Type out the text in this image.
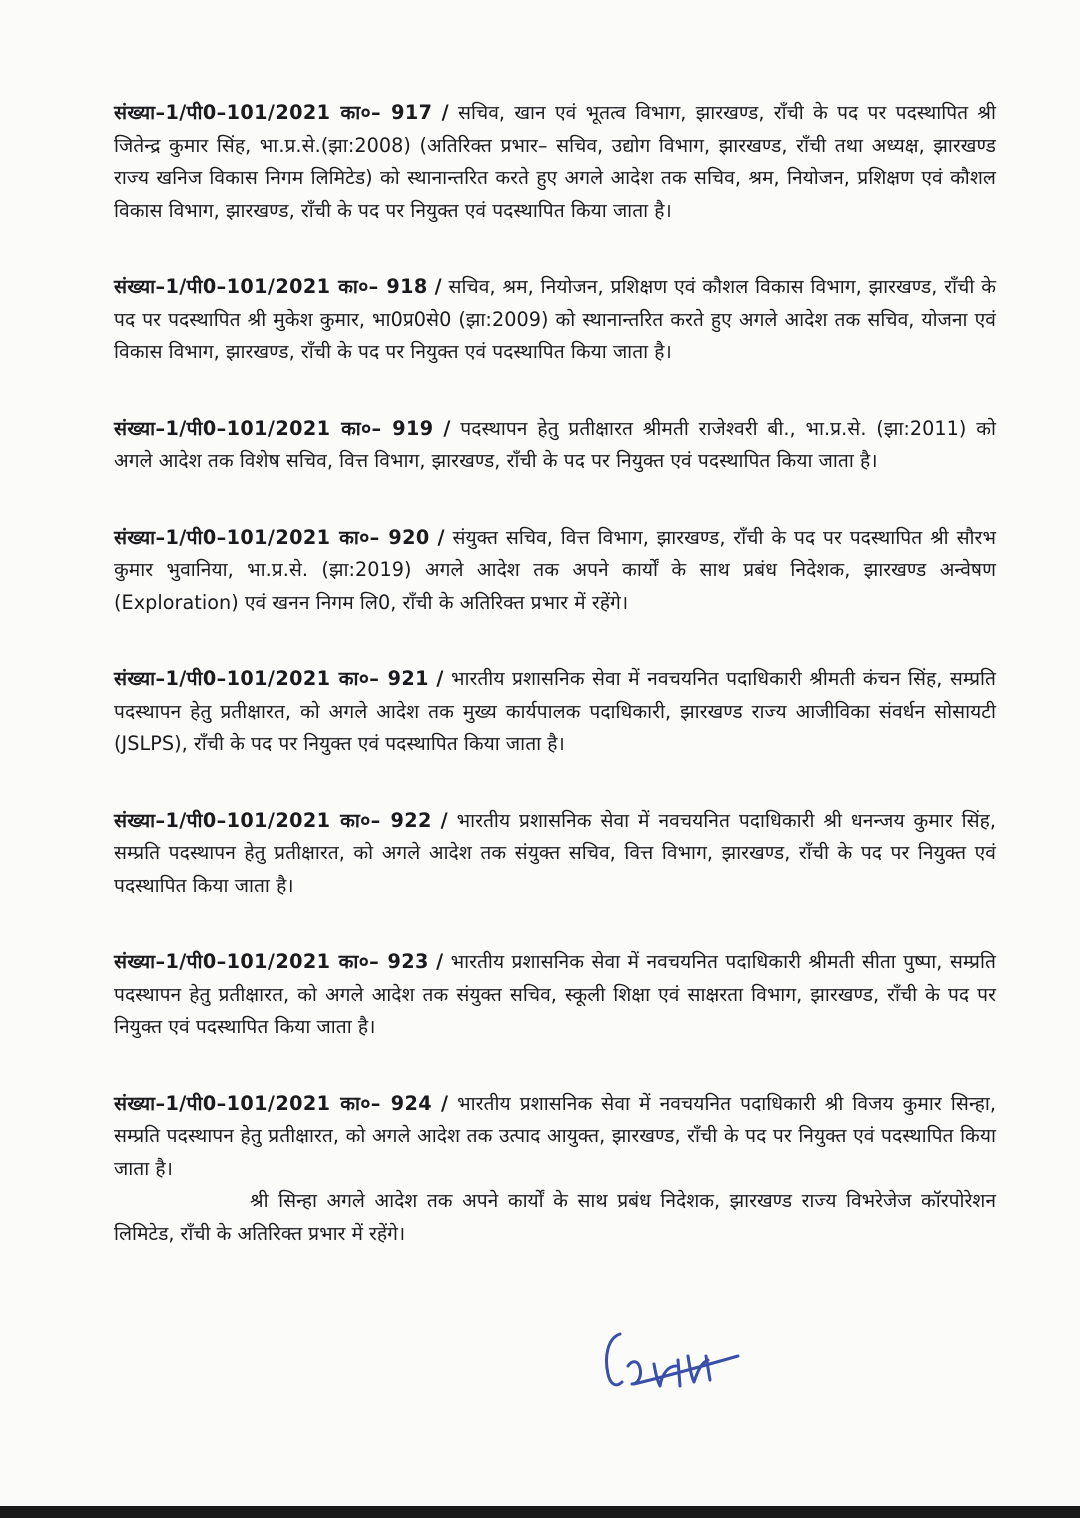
संख्या–1/पी0–101/2021 का०– 917 / सचिव, खान एवं भूतत्व विभाग, झारखण्ड, राँची के पद पर पदस्थापित श्री जितेन्द्र कुमार सिंह, भा.प्र.से.(झा:2008) (अतिरिक्त प्रभार– सचिव, उद्योग विभाग, झारखण्ड, राँची तथा अध्यक्ष, झारखण्ड राज्य खनिज विकास निगम लिमिटेड) को स्थानान्तरित करते हुए अगले आदेश तक सचिव, श्रम, नियोजन, प्रशिक्षण एवं कौशल विकास विभाग, झारखण्ड, राँची के पद पर नियुक्त एवं पदस्थापित किया जाता है।

संख्या–1/पी0–101/2021 का०– 918 / सचिव, श्रम, नियोजन, प्रशिक्षण एवं कौशल विकास विभाग, झारखण्ड, राँची के पद पर पदस्थापित श्री मुकेश कुमार, भा0प्र0से0 (झा:2009) को स्थानान्तरित करते हुए अगले आदेश तक सचिव, योजना एवं विकास विभाग, झारखण्ड, राँची के पद पर नियुक्त एवं पदस्थापित किया जाता है।

संख्या–1/पी0–101/2021 का०– 919 / पदस्थापन हेतु प्रतीक्षारत श्रीमती राजेश्वरी बी., भा.प्र.से. (झा:2011) को अगले आदेश तक विशेष सचिव, वित्त विभाग, झारखण्ड, राँची के पद पर नियुक्त एवं पदस्थापित किया जाता है।

संख्या–1/पी0–101/2021 का०– 920 / संयुक्त सचिव, वित्त विभाग, झारखण्ड, राँची के पद पर पदस्थापित श्री सौरभ कुमार भुवानिया, भा.प्र.से. (झा:2019) अगले आदेश तक अपने कार्यों के साथ प्रबंध निदेशक, झारखण्ड अन्वेषण (Exploration) एवं खनन निगम लि0, राँची के अतिरिक्त प्रभार में रहेंगे।

संख्या–1/पी0–101/2021 का०– 921 / भारतीय प्रशासनिक सेवा में नवचयनित पदाधिकारी श्रीमती कंचन सिंह, सम्प्रति पदस्थापन हेतु प्रतीक्षारत, को अगले आदेश तक मुख्य कार्यपालक पदाधिकारी, झारखण्ड राज्य आजीविका संवर्धन सोसायटी (JSLPS), राँची के पद पर नियुक्त एवं पदस्थापित किया जाता है।

संख्या–1/पी0–101/2021 का०– 922 / भारतीय प्रशासनिक सेवा में नवचयनित पदाधिकारी श्री धनन्जय कुमार सिंह, सम्प्रति पदस्थापन हेतु प्रतीक्षारत, को अगले आदेश तक संयुक्त सचिव, वित्त विभाग, झारखण्ड, राँची के पद पर नियुक्त एवं पदस्थापित किया जाता है।

संख्या–1/पी0–101/2021 का०– 923 / भारतीय प्रशासनिक सेवा में नवचयनित पदाधिकारी श्रीमती सीता पुष्पा, सम्प्रति पदस्थापन हेतु प्रतीक्षारत, को अगले आदेश तक संयुक्त सचिव, स्कूली शिक्षा एवं साक्षरता विभाग, झारखण्ड, राँची के पद पर नियुक्त एवं पदस्थापित किया जाता है।

संख्या–1/पी0–101/2021 का०– 924 / भारतीय प्रशासनिक सेवा में नवचयनित पदाधिकारी श्री विजय कुमार सिन्हा, सम्प्रति पदस्थापन हेतु प्रतीक्षारत, को अगले आदेश तक उत्पाद आयुक्त, झारखण्ड, राँची के पद पर नियुक्त एवं पदस्थापित किया जाता है।

श्री सिन्हा अगले आदेश तक अपने कार्यों के साथ प्रबंध निदेशक, झारखण्ड राज्य विभरेजेज कॉरपोरेशन लिमिटेड, राँची के अतिरिक्त प्रभार में रहेंगे।
